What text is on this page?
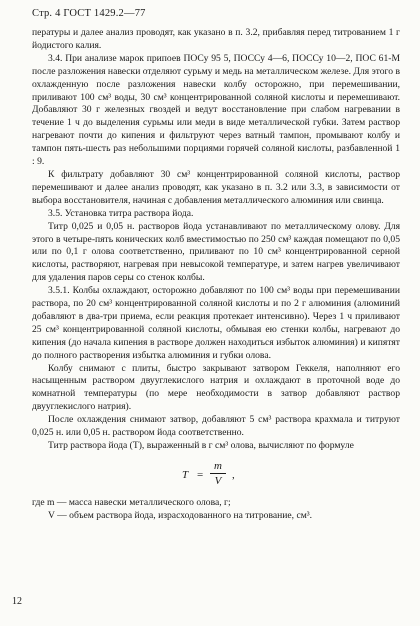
Стр. 4 ГОСТ 1429.2—77

пературы и далее анализ проводят, как указано в п. 3.2, прибавляя перед титрованием 1 г йодистого калия.

3.4. При анализе марок припоев ПОСу 95 5, ПОССу 4—6, ПОССу 10—2, ПОС 61-М после разложения навески отделяют сурьму и медь на металлическом железе. Для этого в охлажденную после разложения навески колбу осторожно, при перемешивании, приливают 100 см³ воды, 30 см³ концентрированной соляной кислоты и перемешивают. Добавляют 30 г железных гвоздей и ведут восстановление при слабом нагревании в течение 1 ч до выделения сурьмы или меди в виде металлической губки. Затем раствор нагревают почти до кипения и фильтруют через ватный тампон, промывают колбу и тампон пять-шесть раз небольшими порциями горячей соляной кислоты, разбавленной 1 : 9.

К фильтрату добавляют 30 см³ концентрированной соляной кислоты, раствор перемешивают и далее анализ проводят, как указано в п. 3.2 или 3.3, в зависимости от выбора восстановителя, начиная с добавления металлического алюминия или свинца.

3.5. Установка титра раствора йода.

Титр 0,025 и 0,05 н. растворов йода устанавливают по металлическому олову. Для этого в четыре-пять конических колб вместимостью по 250 см³ каждая помещают по 0,05 или по 0,1 г олова соответственно, приливают по 10 см³ концентрированной серной кислоты, растворяют, нагревая при невысокой температуре, и затем нагрев увеличивают для удаления паров серы со стенок колбы.

3.5.1. Колбы охлаждают, осторожно добавляют по 100 см³ воды при перемешивании раствора, по 20 см³ концентрированной соляной кислоты и по 2 г алюминия (алюминий добавляют в два-три приема, если реакция протекает интенсивно). Через 1 ч приливают 25 см³ концентрированной соляной кислоты, обмывая ею стенки колбы, нагревают до кипения (до начала кипения в растворе должен находиться избыток алюминия) и кипятят до полного растворения избытка алюминия и губки олова.

Колбу снимают с плиты, быстро закрывают затвором Геккеля, наполняют его насыщенным раствором двууглекислого натрия и охлаждают в проточной воде до комнатной температуры (по мере необходимости в затвор добавляют раствор двууглекислого натрия).

После охлаждения снимают затвор, добавляют 5 см³ раствора крахмала и титруют 0,025 н. или 0,05 н. раствором йода соответственно.

Титр раствора йода (T), выраженный в г см³ олова, вычисляют по формуле

$T = \frac{m}{V}$ ,

где m — масса навески металлического олова, г;

V — объем раствора йода, израсходованного на титрование, см³.

12
